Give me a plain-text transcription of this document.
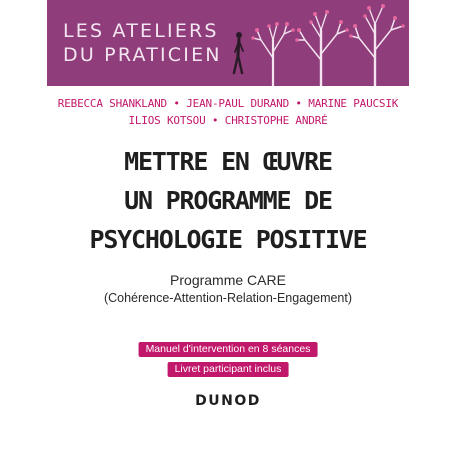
LES ATELIERS
DU PRATICIEN
REBECCA SHANKLAND • JEAN-PAUL DURAND • MARINE PAUCSIK
ILIOS KOTSOU • CHRISTOPHE ANDRÉ
METTRE EN ŒUVRE
UN PROGRAMME DE
PSYCHOLOGIE POSITIVE
Programme CARE
(Cohérence-Attention-Relation-Engagement)
Manuel d'intervention en 8 séances
Livret participant inclus
DUNOD
